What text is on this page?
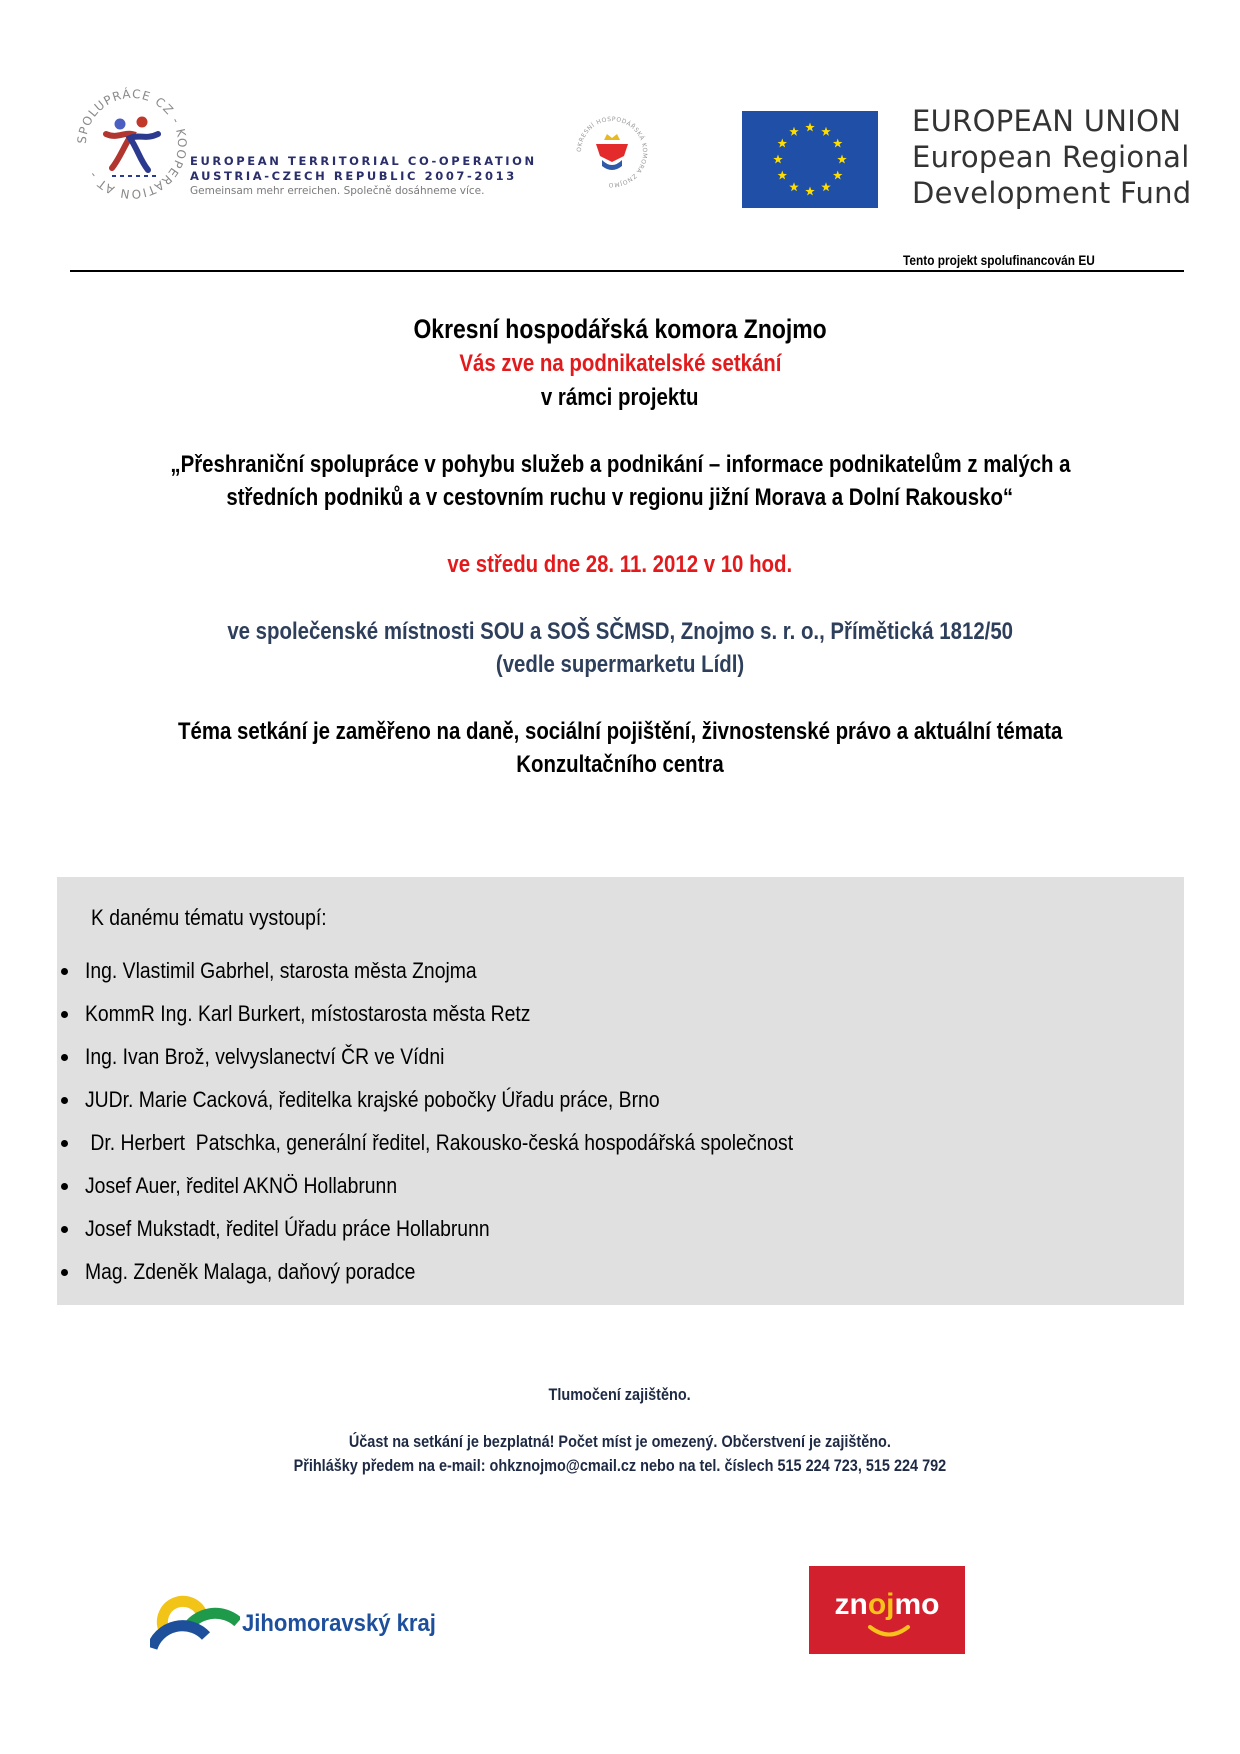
SPOLUPRÁCE CZ - KOOPERATION AT -
EUROPEAN TERRITORIAL CO-OPERATION
AUSTRIA-CZECH REPUBLIC 2007-2013
Gemeinsam mehr erreichen. Společně dosáhneme více.
OKRESNÍ HOSPODÁŘSKÁ KOMORA ZNOJMO
EUROPEAN UNION
European Regional
Development Fund
Tento projekt spolufinancován EU
Okresní hospodářská komora Znojmo
Vás zve na podnikatelské setkání
v rámci projektu
„Přeshraniční spolupráce v pohybu služeb a podnikání – informace podnikatelům z malých a
středních podniků a v cestovním ruchu v regionu jižní Morava a Dolní Rakousko“
ve středu dne 28. 11. 2012 v 10 hod.
ve společenské místnosti SOU a SOŠ SČMSD, Znojmo s. r. o., Přímětická 1812/50
(vedle supermarketu Lídl)
Téma setkání je zaměřeno na daně, sociální pojištění, živnostenské právo a aktuální témata
Konzultačního centra
K danému tématu vystoupí:
Ing. Vlastimil Gabrhel, starosta města Znojma
KommR Ing. Karl Burkert, místostarosta města Retz
Ing. Ivan Brož, velvyslanectví ČR ve Vídni
JUDr. Marie Cacková, ředitelka krajské pobočky Úřadu práce, Brno
Dr. Herbert  Patschka, generální ředitel, Rakousko-česká hospodářská společnost
Josef Auer, ředitel AKNÖ Hollabrunn
Josef Mukstadt, ředitel Úřadu práce Hollabrunn
Mag. Zdeněk Malaga, daňový poradce
Tlumočení zajištěno.
Účast na setkání je bezplatná! Počet míst je omezený. Občerstvení je zajištěno.
Přihlášky předem na e-mail: ohkznojmo@cmail.cz nebo na tel. číslech 515 224 723, 515 224 792
Jihomoravský kraj
znojmo
